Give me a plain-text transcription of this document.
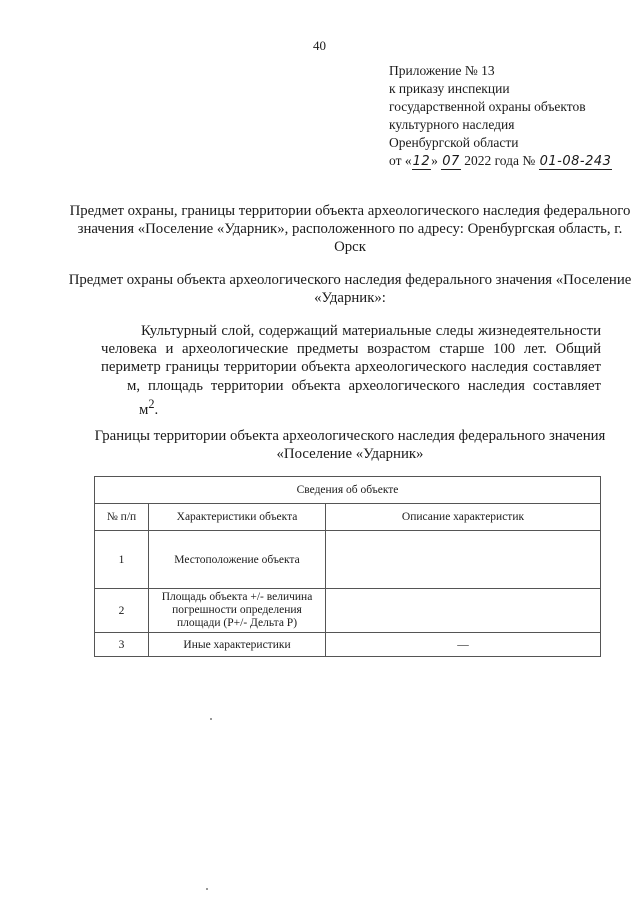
40
Приложение № 13
к приказу инспекции
государственной охраны объектов
культурного наследия
Оренбургской области
от «12» 07 2022 года № 01-08-243
Предмет охраны, границы территории объекта археологического наследия федерального значения «Поселение «Ударник», расположенного по адресу: Оренбургская область, г. Орск
Предмет охраны объекта археологического наследия федерального значения «Поселение «Ударник»:

Культурный слой, содержащий материальные следы жизнедеятельности человека и археологические предметы возрастом старше 100 лет. Общий периметр границы территории объекта археологического наследия составляетм, площадь территории объекта археологического наследия составляетм$^2$.

Границы территории объекта археологического наследия федерального значения «Поселение «Ударник»
Сведения об объекте		
№ п/п	Характеристики объекта	Описание характеристик
1	Местоположение объекта	
2	Площадь объекта +/- величина погрешности определения площади (P+/- Дельта P)	
3	Иные характеристики	—
